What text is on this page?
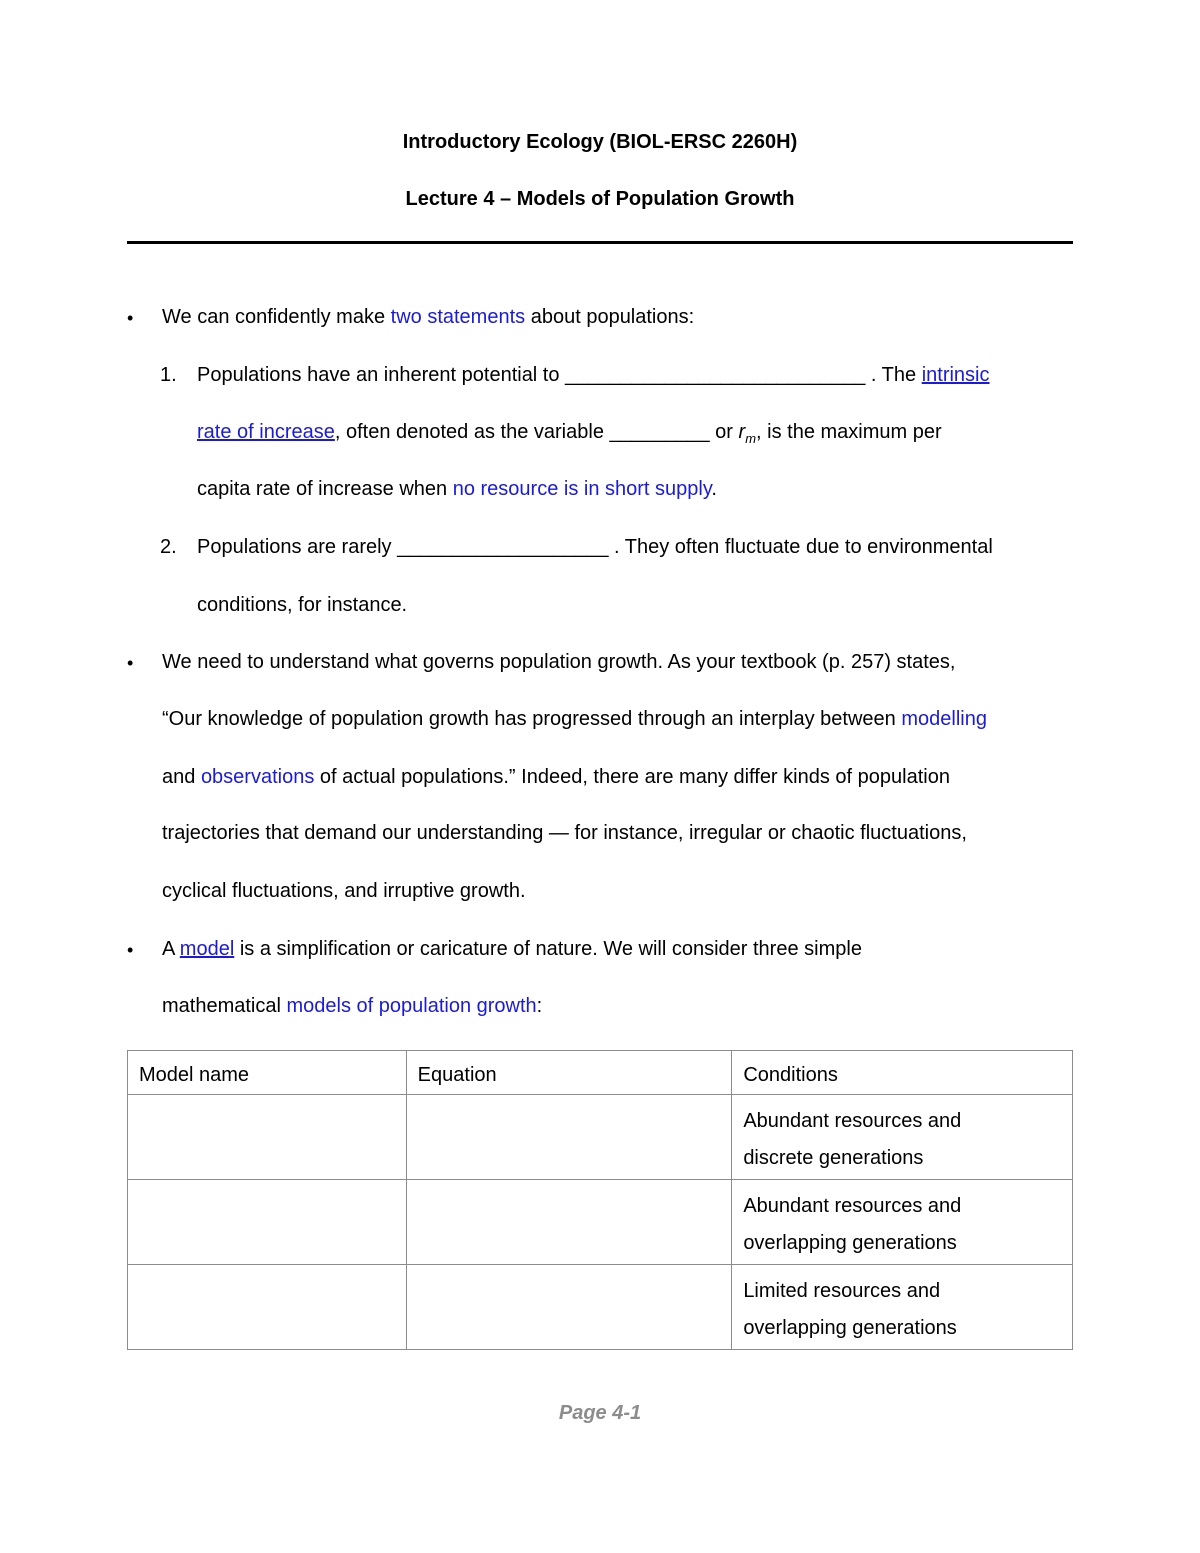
Introductory Ecology (BIOL-ERSC 2260H)
Lecture 4 – Models of Population Growth
• We can confidently make two statements about populations:
1. Populations have an inherent potential to ___________________________ . The intrinsic
rate of increase, often denoted as the variable _________ or $r_m$, is the maximum per
capita rate of increase when no resource is in short supply.
2. Populations are rarely ___________________ . They often fluctuate due to environmental
conditions, for instance.
• We need to understand what governs population growth. As your textbook (p. 257) states,
“Our knowledge of population growth has progressed through an interplay between modelling
and observations of actual populations.” Indeed, there are many differ kinds of population
trajectories that demand our understanding — for instance, irregular or chaotic fluctuations,
cyclical fluctuations, and irruptive growth.
• A model is a simplification or caricature of nature. We will consider three simple
mathematical models of population growth:
Model name	Equation	Conditions

		Abundant resources and
discrete generations

		Abundant resources and
overlapping generations

		Limited resources and
overlapping generations
Page 4-1
